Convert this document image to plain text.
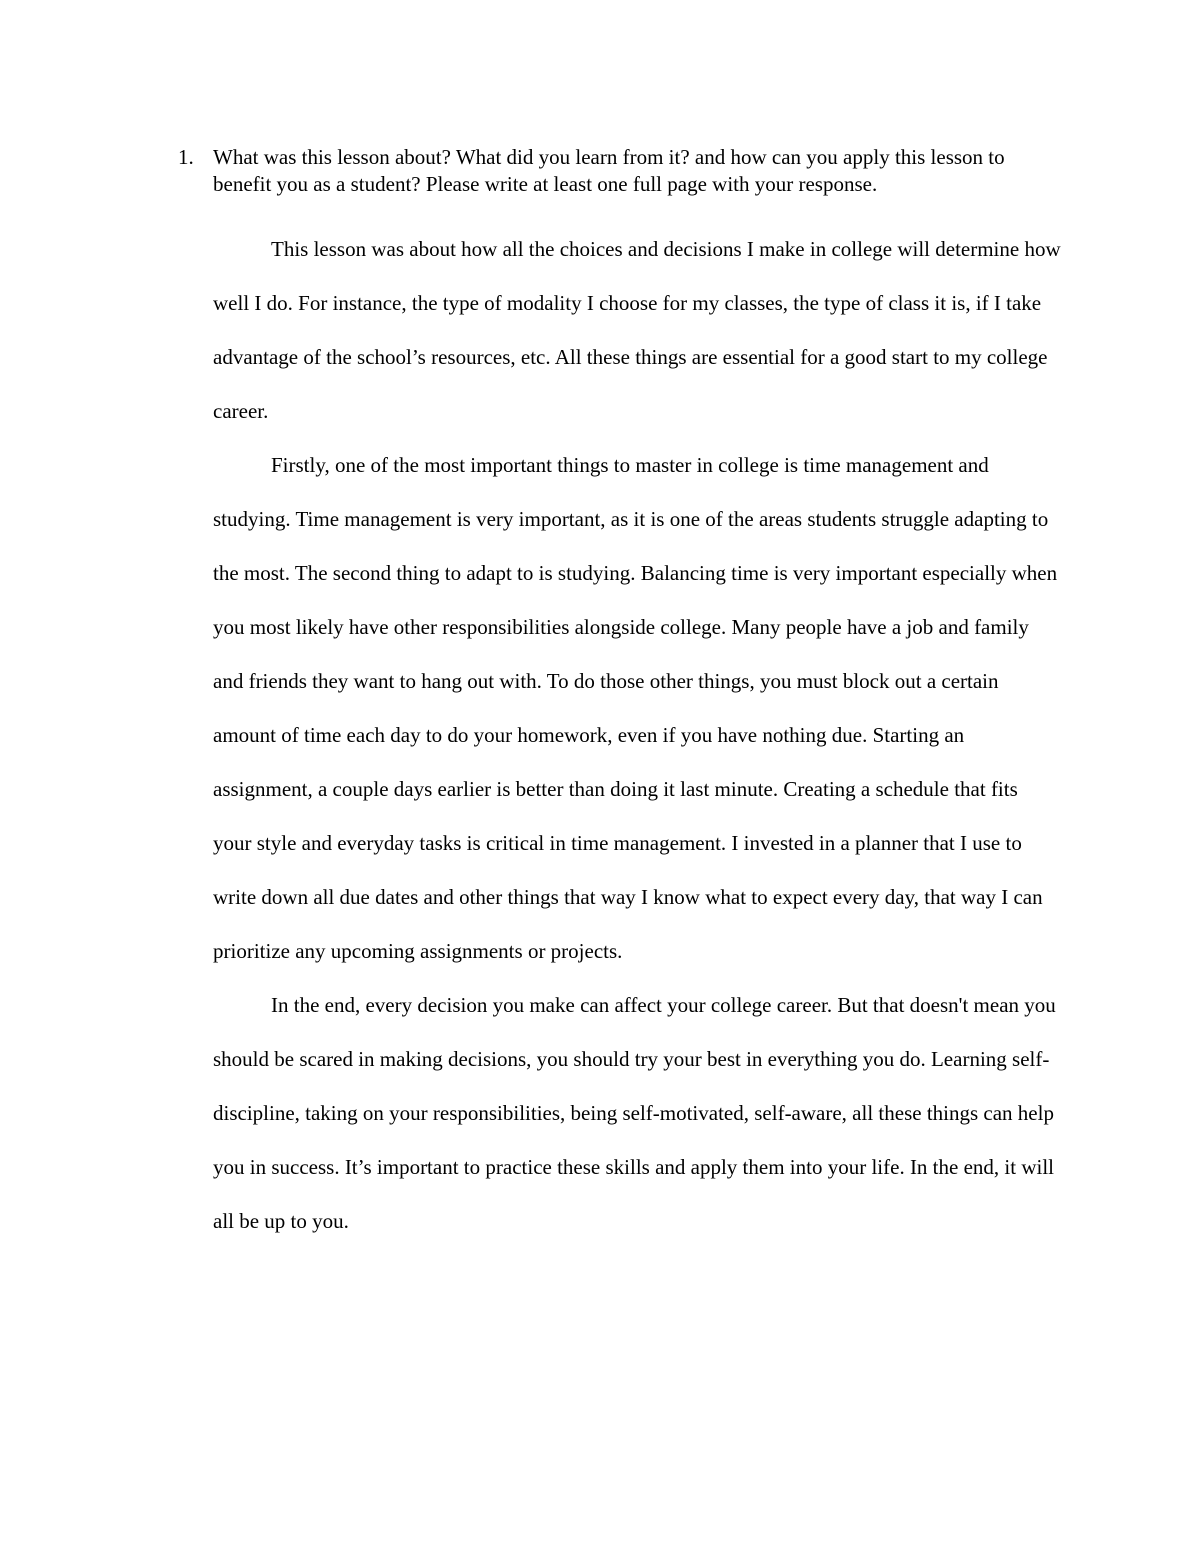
1. What was this lesson about? What did you learn from it? and how can you apply this lesson to benefit you as a student? Please write at least one full page with your response.

This lesson was about how all the choices and decisions I make in college will determine how well I do. For instance, the type of modality I choose for my classes, the type of class it is, if I take advantage of the school’s resources, etc. All these things are essential for a good start to my college career.

Firstly, one of the most important things to master in college is time management and studying. Time management is very important, as it is one of the areas students struggle adapting to the most. The second thing to adapt to is studying. Balancing time is very important especially when you most likely have other responsibilities alongside college. Many people have a job and family and friends they want to hang out with. To do those other things, you must block out a certain amount of time each day to do your homework, even if you have nothing due. Starting an assignment, a couple days earlier is better than doing it last minute. Creating a schedule that fits your style and everyday tasks is critical in time management. I invested in a planner that I use to write down all due dates and other things that way I know what to expect every day, that way I can prioritize any upcoming assignments or projects.

In the end, every decision you make can affect your college career. But that doesn't mean you should be scared in making decisions, you should try your best in everything you do. Learning self-discipline, taking on your responsibilities, being self-motivated, self-aware, all these things can help you in success. It’s important to practice these skills and apply them into your life. In the end, it will all be up to you.
